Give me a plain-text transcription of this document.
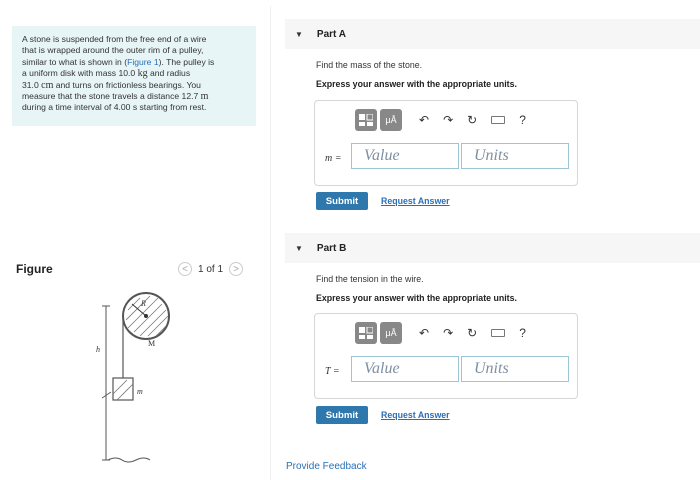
A stone is suspended from the free end of a wire
that is wrapped around the outer rim of a pulley,
similar to what is shown in (Figure 1). The pulley is
a uniform disk with mass 10.0 kg and radius
31.0 cm and turns on frictionless bearings. You
measure that the stone travels a distance 12.7 m
during a time interval of 4.00 s starting from rest.
Figure	<	1 of 1	>
R
M
m
h
▼ Part A
Find the mass of the stone.
Express your answer with the appropriate units.
μÅ	↶ ↷ ↻	?
m =	Value	Units
Submit	Request Answer
▼ Part B
Find the tension in the wire.
Express your answer with the appropriate units.
μÅ	↶ ↷ ↻	?
T =	Value	Units
Submit	Request Answer
Provide Feedback
